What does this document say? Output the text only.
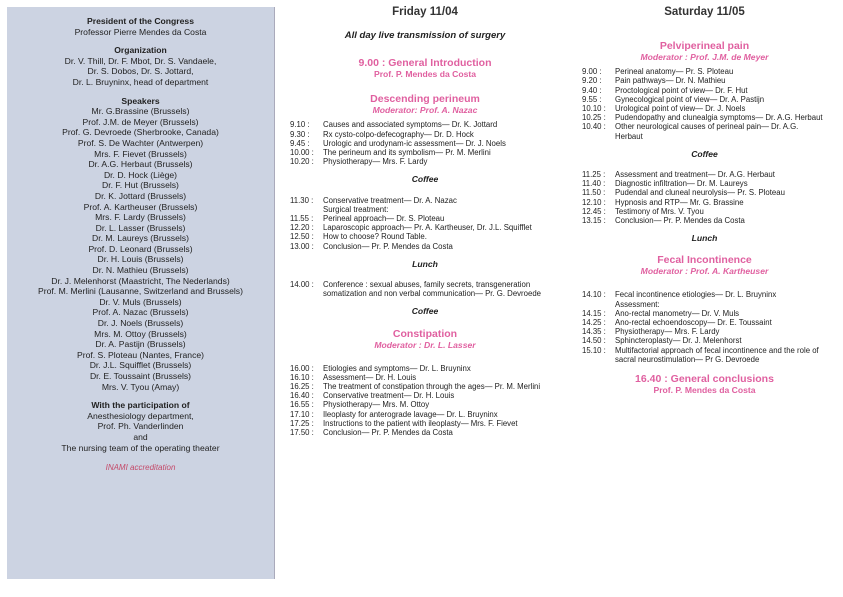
President of the Congress
Professor Pierre Mendes da Costa
Organization
Dr. V. Thill, Dr. F. Mbot, Dr. S. Vandaele,
Dr. S. Dobos, Dr. S. Jottard,
Dr. L. Bruyninx, head of department
Speakers
Mr. G.Brassine (Brussels)
Prof. J.M. de Meyer (Brussels)
Prof. G. Devroede (Sherbrooke, Canada)
Prof. S. De Wachter (Antwerpen)
Mrs. F. Fievet (Brussels)
Dr. A.G. Herbaut (Brussels)
Dr. D. Hock (Liège)
Dr. F. Hut (Brussels)
Dr. K. Jottard (Brussels)
Prof. A. Kartheuser (Brussels)
Mrs. F. Lardy (Brussels)
Dr. L. Lasser (Brussels)
Dr. M. Laureys (Brussels)
Prof. D. Leonard (Brussels)
Dr. H. Louis (Brussels)
Dr. N. Mathieu (Brussels)
Dr. J. Melenhorst (Maastricht, The Nederlands)
Prof. M. Merlini (Lausanne, Switzerland and Brussels)
Dr. V. Muls (Brussels)
Prof. A. Nazac (Brussels)
Dr. J. Noels (Brussels)
Mrs. M. Ottoy (Brussels)
Dr. A. Pastijn (Brussels)
Prof. S. Ploteau (Nantes, France)
Dr. J.L. Squifflet (Brussels)
Dr. E. Toussaint (Brussels)
Mrs. V. Tyou (Amay)
With the participation of
Anesthesiology department,
Prof. Ph. Vanderlinden
and
The nursing team of the operating theater
INAMI accreditation
Friday 11/04
All day live transmission of surgery
9.00 : General Introduction
Prof. P. Mendes da Costa
Descending perineum
Moderator: Prof. A. Nazac
9.10 :	Causes and associated symptoms— Dr. K. Jottard
9.30 :	Rx cysto-colpo-defecography— Dr. D. Hock
9.45 :	Urologic and urodynam-ic assessment— Dr. J. Noels
10.00 :	The perineum and its symbolism— Pr. M. Merlini
10.20 :	Physiotherapy— Mrs. F. Lardy
Coffee
11.30 :	Conservative treatment— Dr. A. Nazac
Surgical treatment:
11.55 :	Perineal approach— Dr. S. Ploteau
12.20 :	Laparoscopic approach— Pr. A. Kartheuser, Dr. J.L. Squifflet
12.50 :	How to choose? Round Table.
13.00 :	Conclusion— Pr. P. Mendes da Costa
Lunch
14.00 :	Conference : sexual abuses, family secrets, transgeneration somatization and non verbal communication— Pr. G. Devroede
Coffee
Constipation
Moderator : Dr. L. Lasser
16.00 :	Etiologies and symptoms— Dr. L. Bruyninx
16.10 :	Assessment— Dr. H. Louis
16.25 :	The treatment of constipation through the ages— Pr. M. Merlini
16.40 :	Conservative treatment— Dr. H. Louis
16.55 :	Physiotherapy— Mrs. M. Ottoy
17.10 :	Ileoplasty for anterograde lavage— Dr. L. Bruyninx
17.25 :	Instructions to the patient with ileoplasty— Mrs. F. Fievet
17.50 :	Conclusion— Pr. P. Mendes da Costa
Saturday 11/05
Pelviperineal pain
Moderator : Prof. J.M. de Meyer
9.00 :	Perineal anatomy— Pr. S. Ploteau
9.20 :	Pain pathways— Dr. N. Mathieu
9.40 :	Proctological point of view— Dr. F. Hut
9.55 :	Gynecological point of view— Dr. A. Pastijn
10.10 :	Urological point of view— Dr. J. Noels
10.25 :	Pudendopathy and clunealgia symptoms— Dr. A.G. Herbaut
10.40 :	Other neurological causes of perineal pain— Dr. A.G. Herbaut
Coffee
11.25 :	Assessment and treatment— Dr. A.G. Herbaut
11.40 :	Diagnostic infiltration— Dr. M. Laureys
11.50 :	Pudendal and cluneal neurolysis— Pr. S. Ploteau
12.10 :	Hypnosis and RTP— Mr. G. Brassine
12.45 :	Testimony of Mrs. V. Tyou
13.15 :	Conclusion— Pr. P. Mendes da Costa
Lunch
Fecal Incontinence
Moderator : Prof. A. Kartheuser
14.10 :	Fecal incontinence etiologies— Dr. L. Bruyninx
Assessment:
14.15 :	Ano-rectal manometry— Dr. V. Muls
14.25 :	Ano-rectal echoendoscopy— Dr. E. Toussaint
14.35 :	Physiotherapy— Mrs. F. Lardy
14.50 :	Sphincteroplasty— Dr. J. Melenhorst
15.10 :	Multifactorial approach of fecal incontinence and the role of sacral neurostimulation— Pr G. Devroede
16.40 : General conclusions
Prof. P. Mendes da Costa
